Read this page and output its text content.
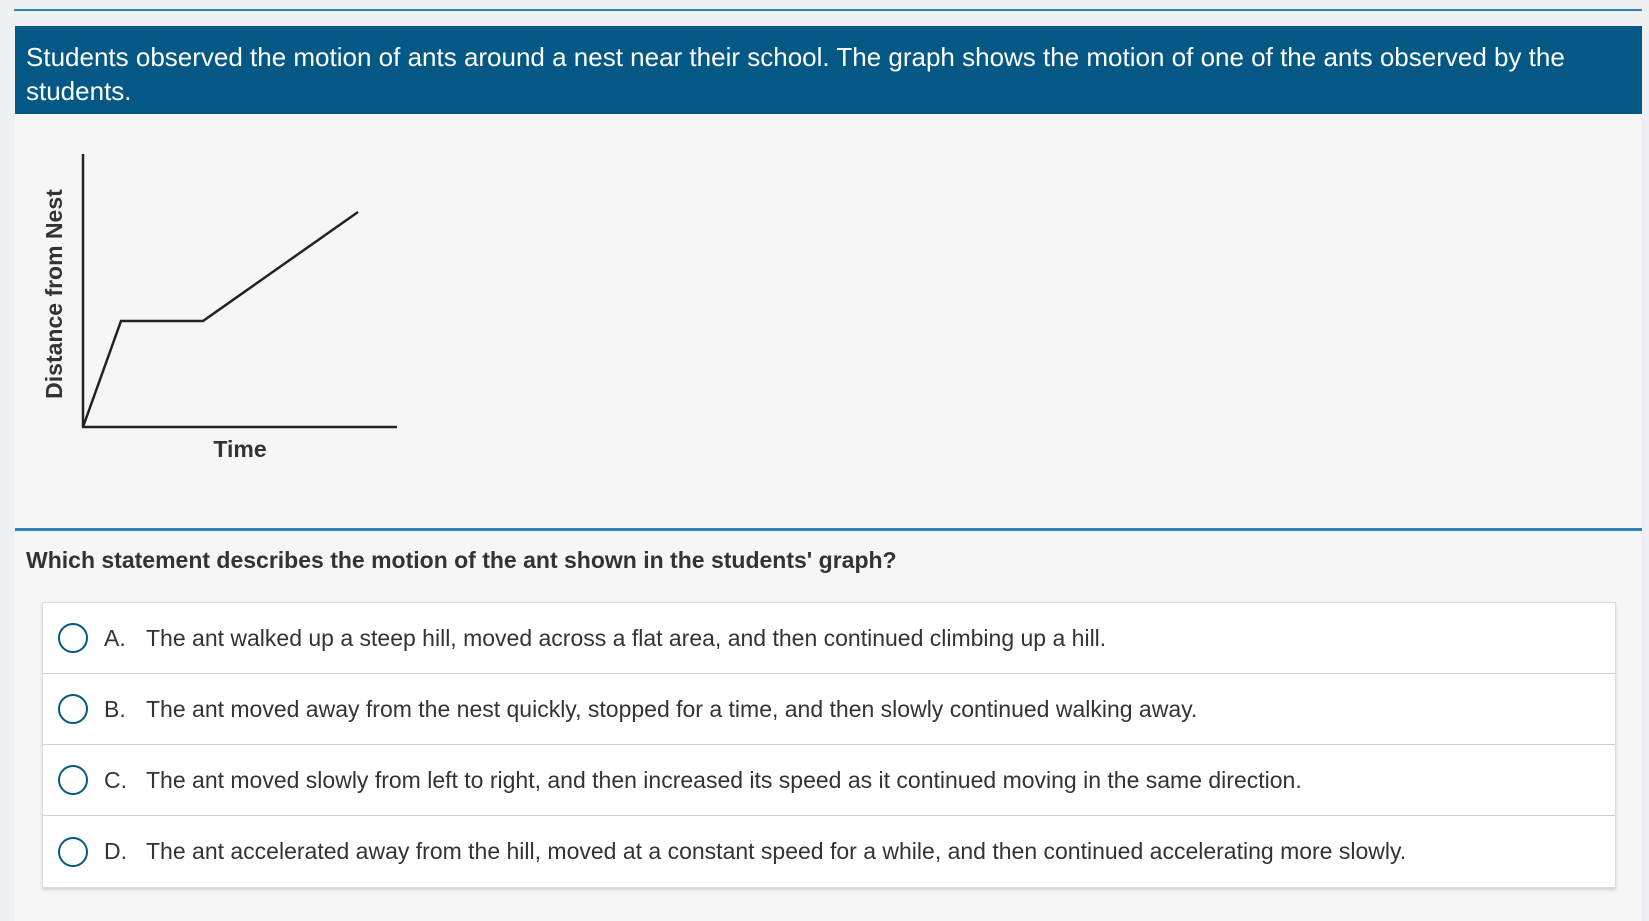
Students observed the motion of ants around a nest near their school. The graph shows the motion of one of the ants observed by the students.
Distance from Nest
Time
Which statement describes the motion of the ant shown in the students' graph?
A. The ant walked up a steep hill, moved across a flat area, and then continued climbing up a hill.
B. The ant moved away from the nest quickly, stopped for a time, and then slowly continued walking away.
C. The ant moved slowly from left to right, and then increased its speed as it continued moving in the same direction.
D. The ant accelerated away from the hill, moved at a constant speed for a while, and then continued accelerating more slowly.
